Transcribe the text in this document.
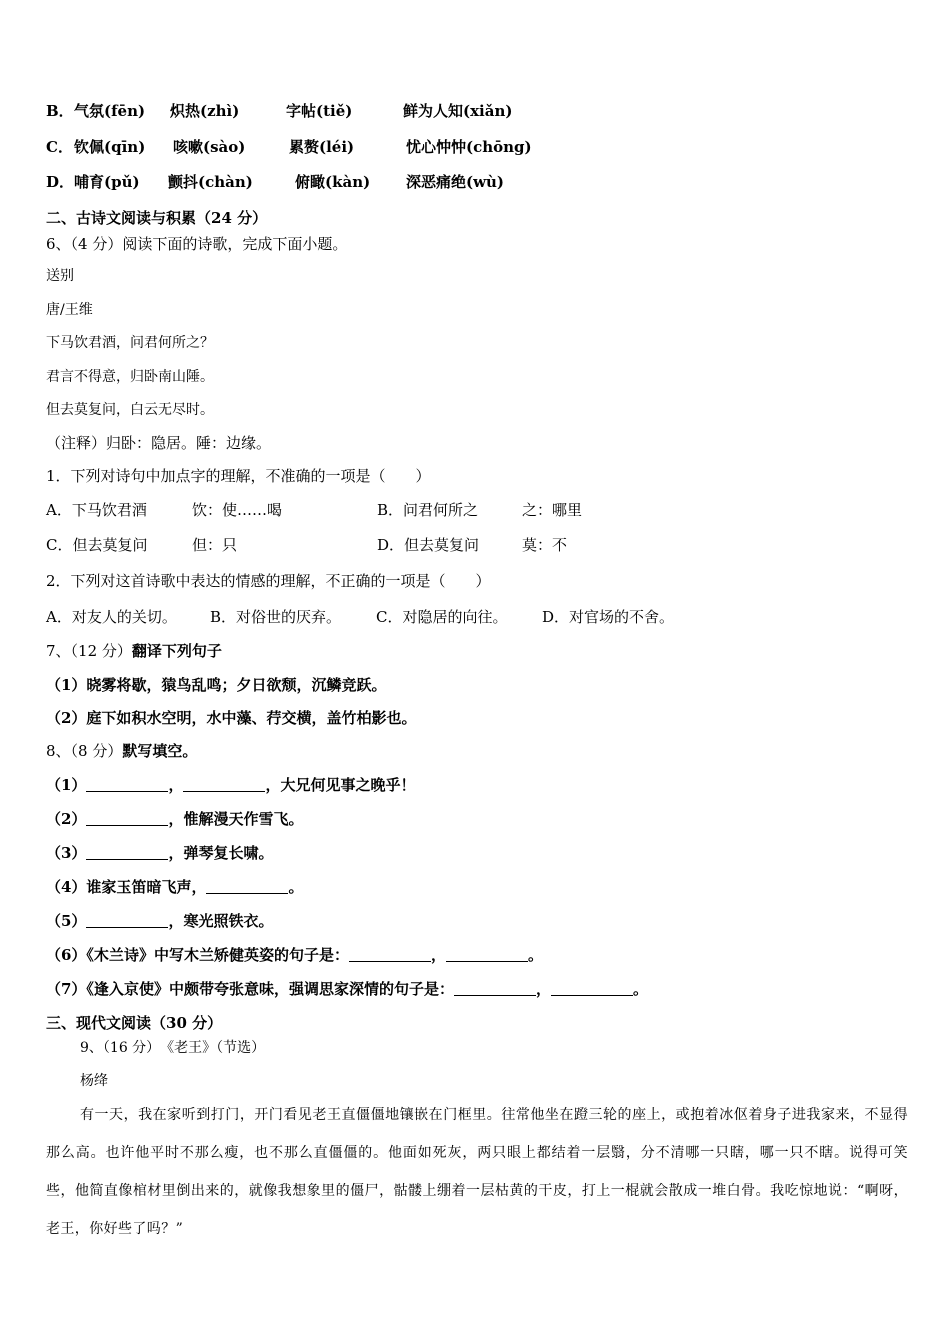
B． 气氛(fēn) 炽热(zhì)	字帖(tiě)	鲜为人知(xiǎn)
C． 钦佩(qīn) 咳嗽(sào)	累赘(léi)	忧心忡忡(chōng)
D． 哺育(pǔ) 颤抖(chàn)	俯瞰(kàn) 深恶痛绝(wù)
二、古诗文阅读与积累（24 分）
6、（4 分）阅读下面的诗歌，完成下面小题。
送别
唐/王维
下马饮君酒，问君何所之？
君言不得意，归卧南山陲。
但去莫复问，白云无尽时。
（注释）归卧：隐居。陲：边缘。
1．下列对诗句中加点字的理解，不准确的一项是（　　）
A．下马饮君酒	饮：使……喝	B．问君何所之	之：哪里
C．但去莫复问	但：只	D．但去莫复问	莫：不
2．下列对这首诗歌中表达的情感的理解，不正确的一项是（　　）
A．对友人的关切。 B．对俗世的厌弃。 C．对隐居的向往。 D．对官场的不舍。
7、（12 分）翻译下列句子
（1）晓雾将歇，猿鸟乱鸣；夕日欲颓，沉鳞竞跃。
（2）庭下如积水空明，水中藻、荇交横，盖竹柏影也。
8、（8 分）默写填空。
（1）	，	，大兄何见事之晚乎！
（2）	，惟解漫天作雪飞。
（3）	，弹琴复长啸。
（4）谁家玉笛暗飞声，	。
（5）	，寒光照铁衣。
（6）《木兰诗》中写木兰矫健英姿的句子是：	，	。
（7）《逢入京使》中颇带夸张意味，强调思家深情的句子是：	，	。
三、现代文阅读（30 分）
9、（16 分）　《老王》（节选）
杨绛
有一天，我在家听到打门，开门看见老王直僵僵地镶嵌在门框里。往常他坐在蹬三轮的座上，或抱着冰伛着身子进我家来，不显得那么高。也许他平时不那么瘦，也不那么直僵僵的。他面如死灰，两只眼上都结着一层翳，分不清哪一只瞎，哪一只不瞎。说得可笑些，他简直像棺材里倒出来的，就像我想象里的僵尸，骷髅上绷着一层枯黄的干皮，打上一棍就会散成一堆白骨。我吃惊地说：“啊呀，老王，你好些了吗？”
